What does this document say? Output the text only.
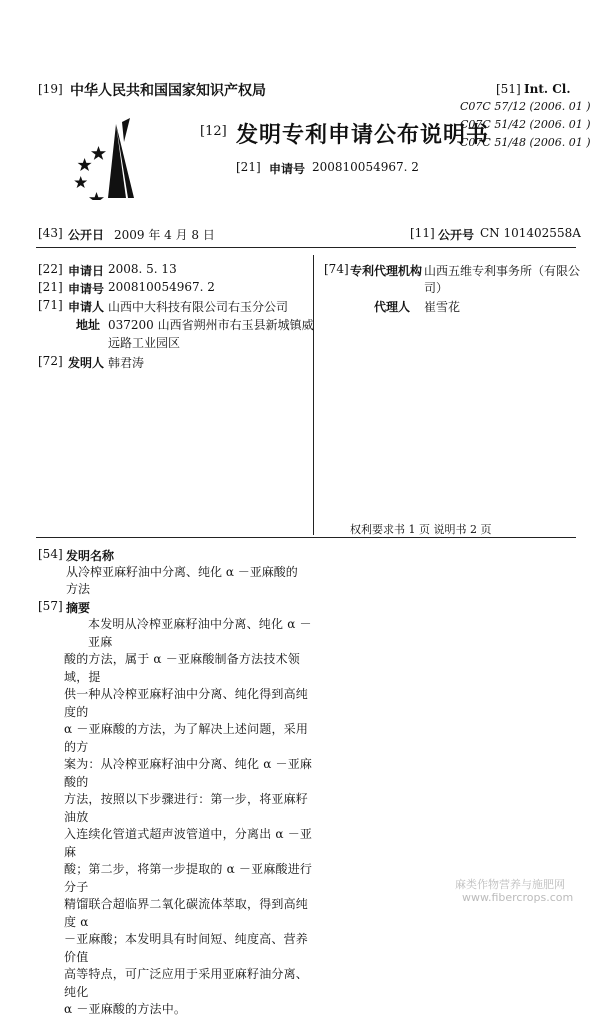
[19] 中华人民共和国国家知识产权局
[12] 发明专利申请公布说明书
[21] 申请号 200810054967. 2
[51] Int. Cl.
C07C 57/12 (2006. 01 )
C07C 51/42 (2006. 01 )
C07C 51/48 (2006. 01 )
[43] 公开日 2009 年 4 月 8 日	[11] 公开号 CN 101402558A
[22] 申请日 2008. 5. 13
[21] 申请号 200810054967. 2
[71] 申请人 山西中大科技有限公司右玉分公司
地址 037200 山西省朔州市右玉县新城镇威
远路工业园区
[72] 发明人 韩君涛
[74] 专利代理机构 山西五维专利事务所（有限公
司）
代理人 崔雪花
权利要求书 1 页 说明书 2 页
[54] 发明名称
从冷榨亚麻籽油中分离、纯化 α －亚麻酸的
方法
[57] 摘要
本发明从冷榨亚麻籽油中分离、纯化 α －亚麻
酸的方法，属于 α －亚麻酸制备方法技术领域，提
供一种从冷榨亚麻籽油中分离、纯化得到高纯度的
α －亚麻酸的方法，为了解决上述问题，采用的方
案为：从冷榨亚麻籽油中分离、纯化 α －亚麻酸的
方法，按照以下步骤进行：第一步，将亚麻籽油放
入连续化管道式超声波管道中，分离出 α －亚麻
酸；第二步，将第一步提取的 α －亚麻酸进行分子
精馏联合超临界二氧化碳流体萃取，得到高纯度 α
－亚麻酸；本发明具有时间短、纯度高、营养价值
高等特点，可广泛应用于采用亚麻籽油分离、纯化
α －亚麻酸的方法中。
麻类作物营养与施肥网
www.fibercrops.com
